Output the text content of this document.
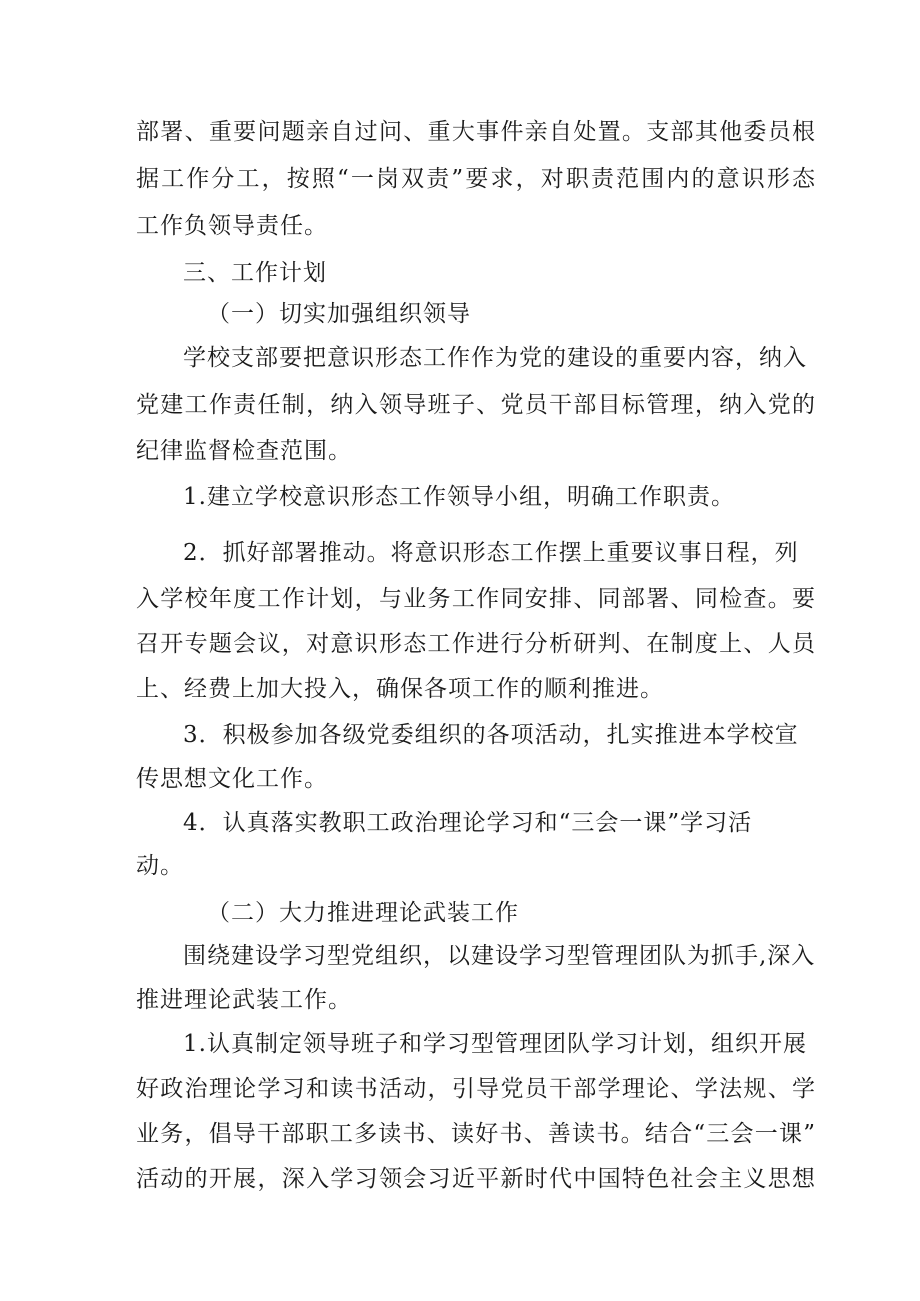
部署、重要问题亲自过问、重大事件亲自处置。支部其他委员根
据工作分工，按照“一岗双责”要求，对职责范围内的意识形态
工作负领导责任。
三、工作计划
（一）切实加强组织领导
学校支部要把意识形态工作作为党的建设的重要内容，纳入
党建工作责任制，纳入领导班子、党员干部目标管理，纳入党的
纪律监督检查范围。
1.建立学校意识形态工作领导小组，明确工作职责。
2．抓好部署推动。将意识形态工作摆上重要议事日程，列
入学校年度工作计划，与业务工作同安排、同部署、同检查。要
召开专题会议，对意识形态工作进行分析研判、在制度上、人员
上、经费上加大投入，确保各项工作的顺利推进。
3．积极参加各级党委组织的各项活动，扎实推进本学校宣
传思想文化工作。
4．认真落实教职工政治理论学习和“三会一课”学习活
动。
（二）大力推进理论武装工作
围绕建设学习型党组织，以建设学习型管理团队为抓手,深入
推进理论武装工作。
1.认真制定领导班子和学习型管理团队学习计划，组织开展
好政治理论学习和读书活动，引导党员干部学理论、学法规、学
业务，倡导干部职工多读书、读好书、善读书。结合“三会一课”
活动的开展，深入学习领会习近平新时代中国特色社会主义思想
